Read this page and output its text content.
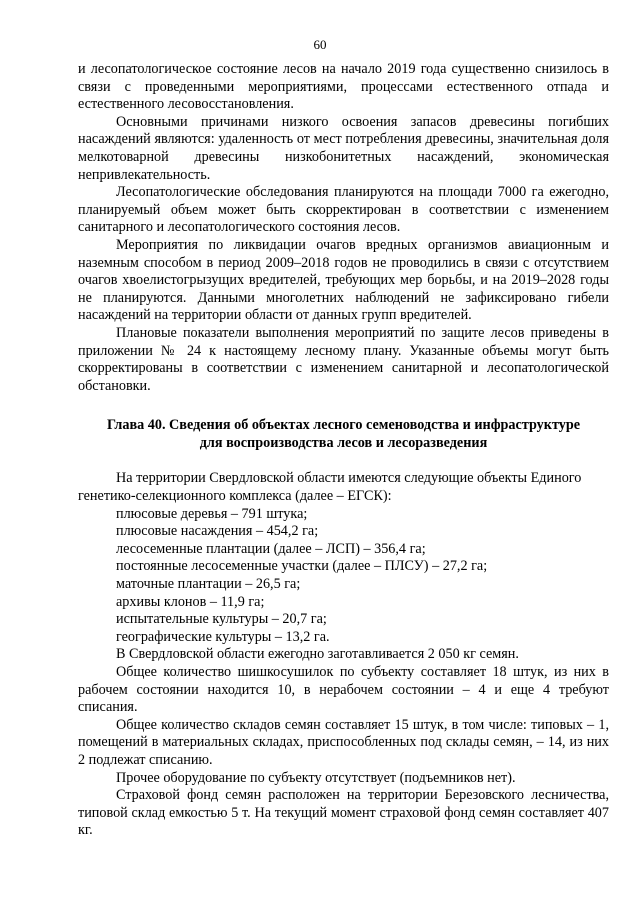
60

и лесопатологическое состояние лесов на начало 2019 года существенно снизилось в связи с проведенными мероприятиями, процессами естественного отпада и естественного лесовосстановления.

Основными причинами низкого освоения запасов древесины погибших насаждений являются: удаленность от мест потребления древесины, значительная доля мелкотоварной древесины низкобонитетных насаждений, экономическая непривлекательность.

Лесопатологические обследования планируются на площади 7000 га ежегодно, планируемый объем может быть скорректирован в соответствии с изменением санитарного и лесопатологического состояния лесов.

Мероприятия по ликвидации очагов вредных организмов авиационным и наземным способом в период 2009–2018 годов не проводились в связи с отсутствием очагов хвоелистогрызущих вредителей, требующих мер борьбы, и на 2019–2028 годы не планируются. Данными многолетних наблюдений не зафиксировано гибели насаждений на территории области от данных групп вредителей.

Плановые показатели выполнения мероприятий по защите лесов приведены в приложении № 24 к настоящему лесному плану. Указанные объемы могут быть скорректированы в соответствии с изменением санитарной и лесопатологической обстановки.

Глава 40. Сведения об объектах лесного семеноводства и инфраструктуре
для воспроизводства лесов и лесоразведения

На территории Свердловской области имеются следующие объекты Единого генетико-селекционного комплекса (далее – ЕГСК):

плюсовые деревья – 791 штука;

плюсовые насаждения – 454,2 га;

лесосеменные плантации (далее – ЛСП) – 356,4 га;

постоянные лесосеменные участки (далее – ПЛСУ) – 27,2 га;

маточные плантации – 26,5 га;

архивы клонов – 11,9 га;

испытательные культуры – 20,7 га;

географические культуры – 13,2 га.

В Свердловской области ежегодно заготавливается 2 050 кг семян.

Общее количество шишкосушилок по субъекту составляет 18 штук, из них в рабочем состоянии находится 10, в нерабочем состоянии – 4 и еще 4 требуют списания.

Общее количество складов семян составляет 15 штук, в том числе: типовых – 1, помещений в материальных складах, приспособленных под склады семян, – 14, из них 2 подлежат списанию.

Прочее оборудование по субъекту отсутствует (подъемников нет).

Страховой фонд семян расположен на территории Березовского лесничества, типовой склад емкостью 5 т. На текущий момент страховой фонд семян составляет 407 кг.
